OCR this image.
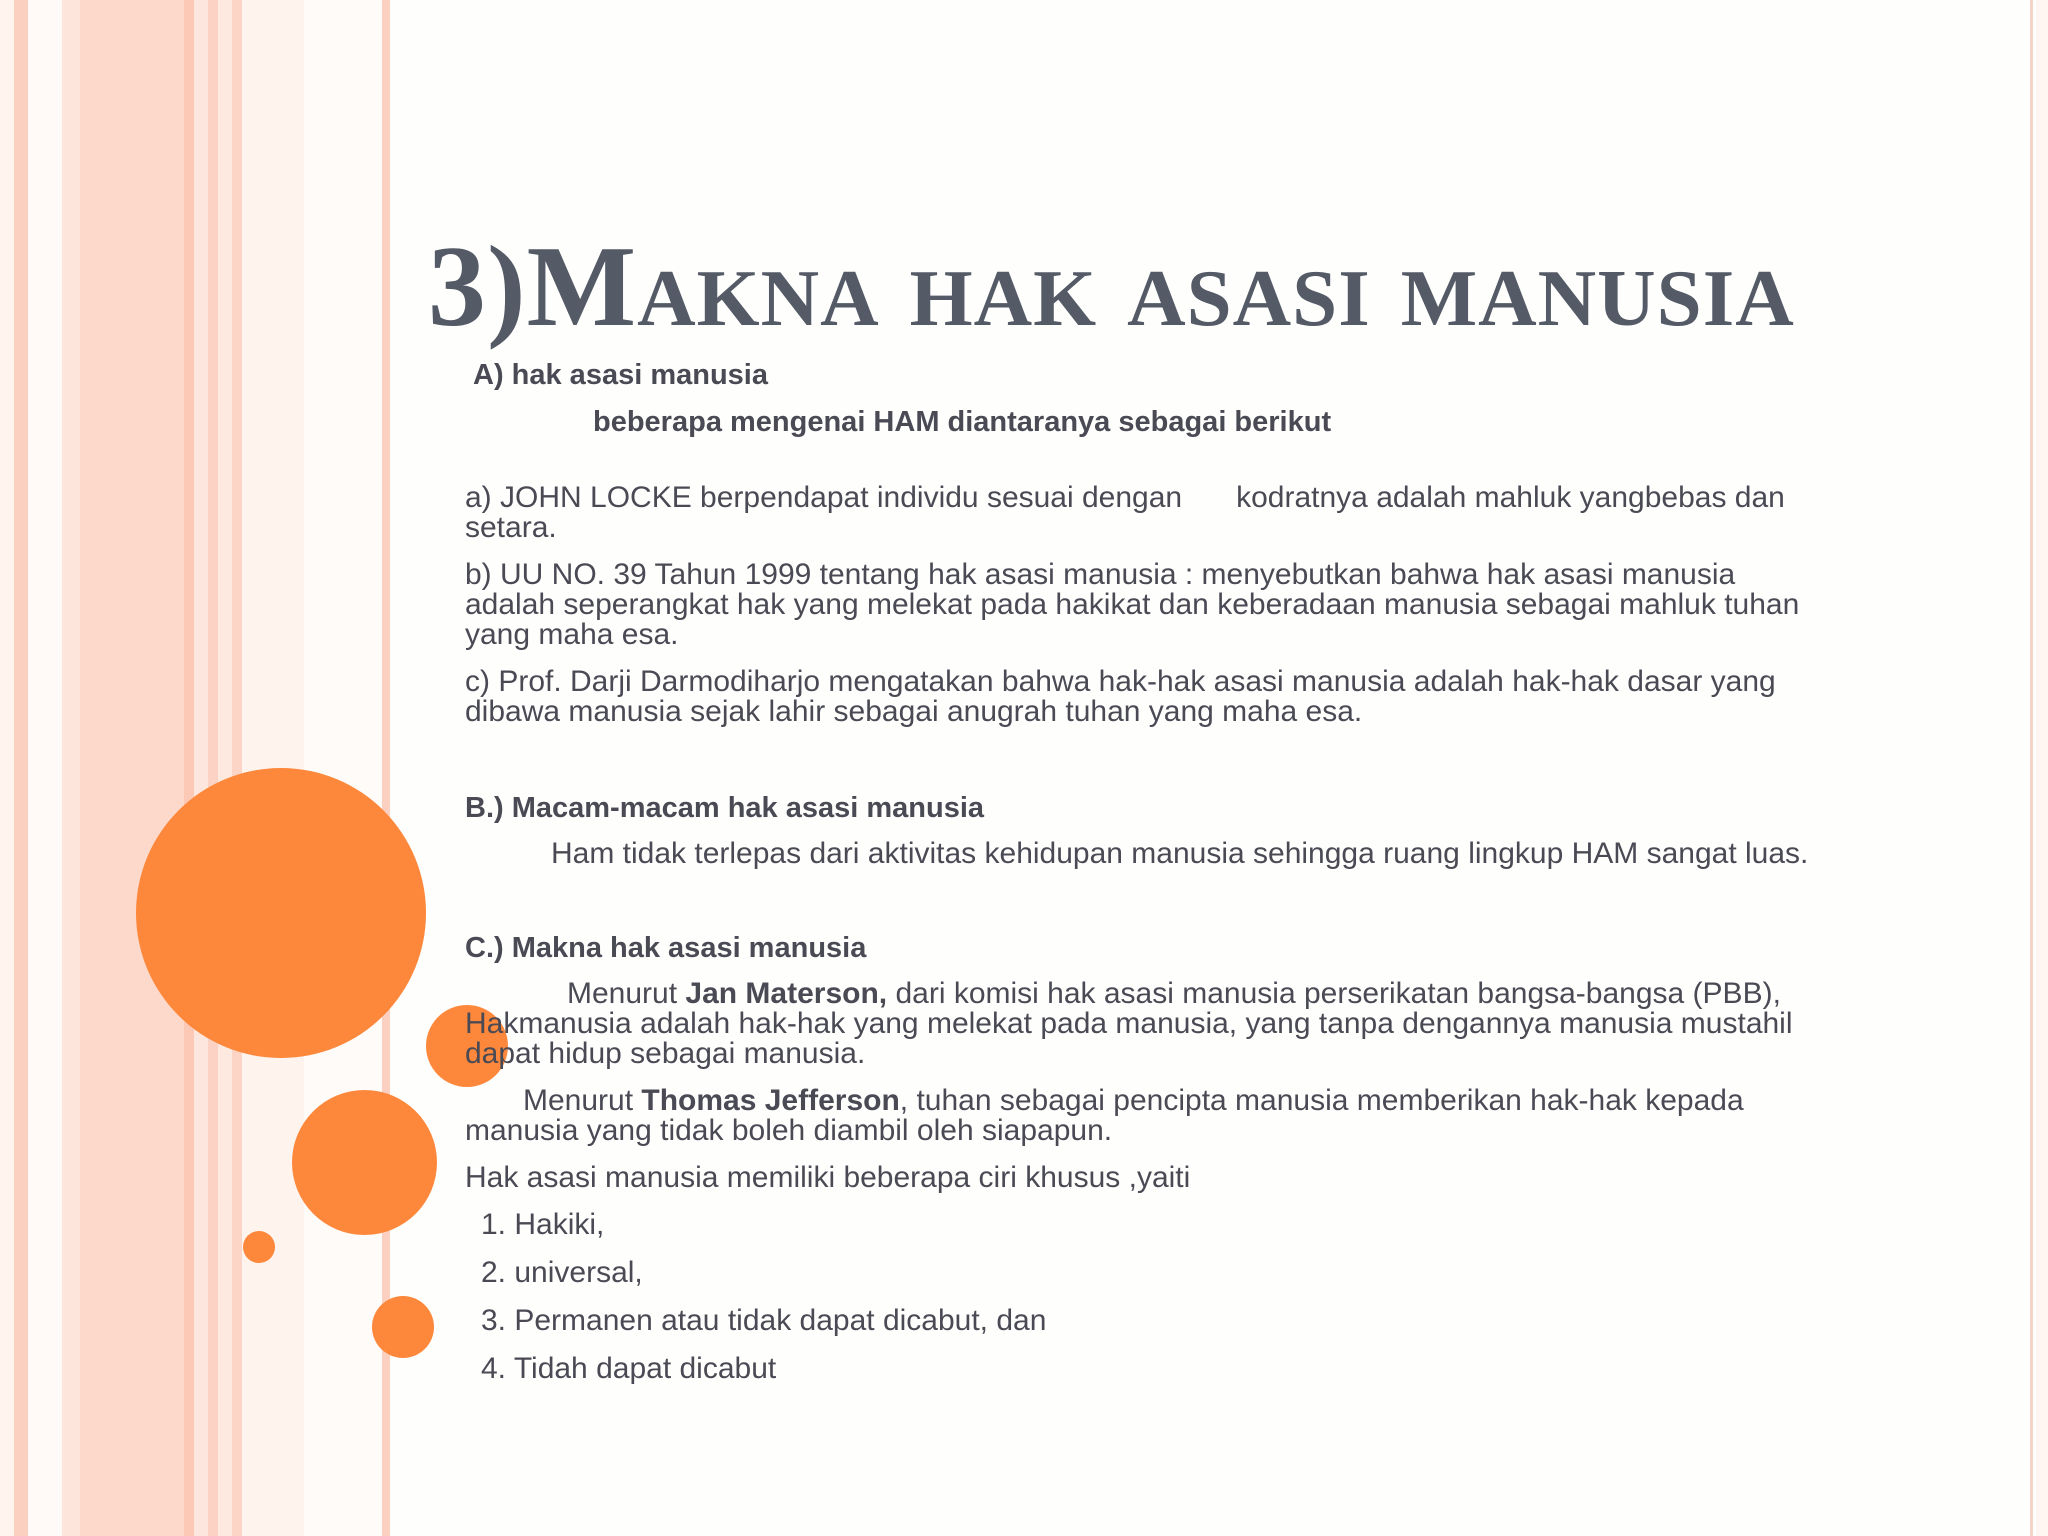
3)Makna hak asasi manusia

A) hak asasi manusia

beberapa mengenai HAM diantaranya sebagai berikut

a) JOHN LOCKE berpendapat individu sesuai dengan kodratnya adalah mahluk yangbebas dan setara.

b) UU NO. 39 Tahun 1999 tentang hak asasi manusia : menyebutkan bahwa hak asasi manusia adalah seperangkat hak yang melekat pada hakikat dan keberadaan manusia sebagai mahluk tuhan yang maha esa.

c) Prof. Darji Darmodiharjo mengatakan bahwa hak-hak asasi manusia adalah hak-hak dasar yang dibawa manusia sejak lahir sebagai anugrah tuhan yang maha esa.

B.) Macam-macam hak asasi manusia

Ham tidak terlepas dari aktivitas kehidupan manusia sehingga ruang lingkup HAM sangat luas.

C.) Makna hak asasi manusia

Menurut Jan Materson, dari komisi hak asasi manusia perserikatan bangsa-bangsa (PBB), Hakmanusia adalah hak-hak yang melekat pada manusia, yang tanpa dengannya manusia mustahil dapat hidup sebagai manusia.

Menurut Thomas Jefferson, tuhan sebagai pencipta manusia memberikan hak-hak kepada manusia yang tidak boleh diambil oleh siapapun.

Hak asasi manusia memiliki beberapa ciri khusus ,yaiti

1. Hakiki,
2. universal,
3. Permanen atau tidak dapat dicabut, dan
4. Tidah dapat dicabut
